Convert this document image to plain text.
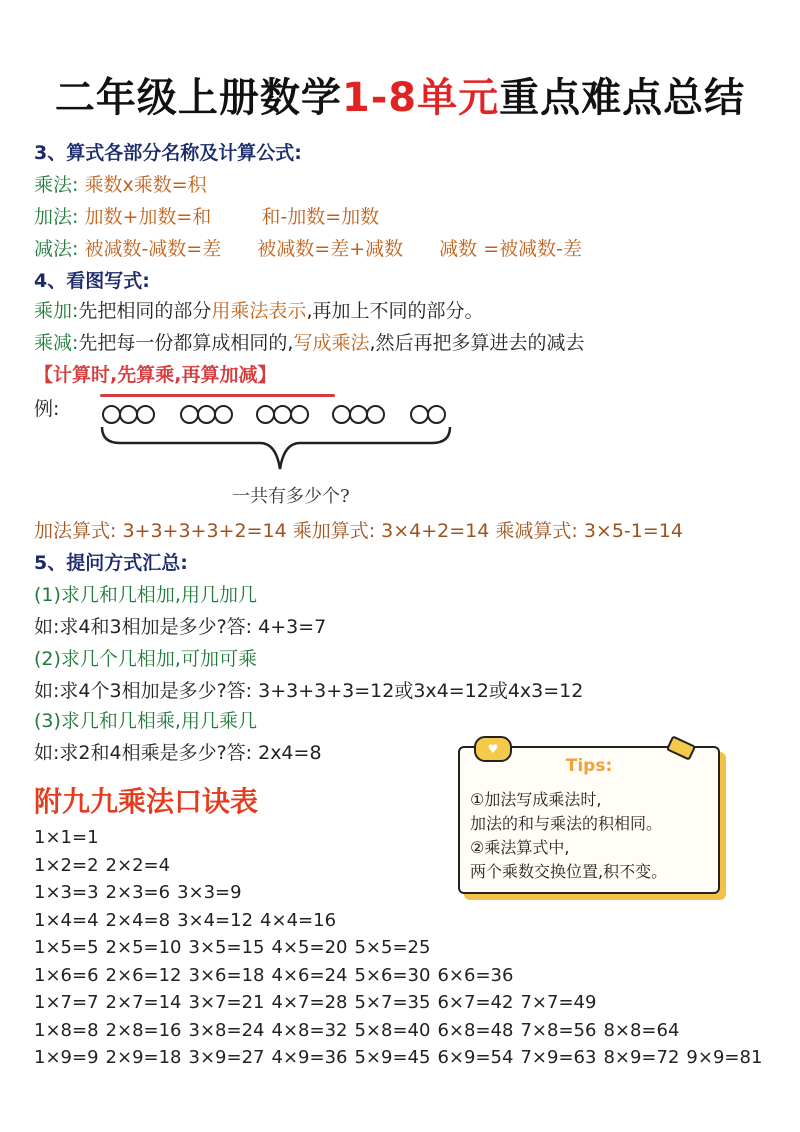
二年级上册数学1-8单元重点难点总结
3、算式各部分名称及计算公式:
乘法: 乘数x乘数=积
加法: 加数+加数=和	和-加数=加数
减法: 被减数-减数=差 被减数=差+减数 减数 =被减数-差
4、看图写式:
乘加:先把相同的部分用乘法表示,再加上不同的部分。
乘减:先把每一份都算成相同的,写成乘法,然后再把多算进去的减去
【计算时,先算乘,再算加减】
例:
一共有多少个?
加法算式: 3+3+3+3+2=14 乘加算式: 3×4+2=14 乘减算式: 3×5-1=14
5、提问方式汇总:
(1)求几和几相加,用几加几
如:求4和3相加是多少?答: 4+3=7
(2)求几个几相加,可加可乘
如:求4个3相加是多少?答: 3+3+3+3=12或3x4=12或4x3=12
(3)求几和几相乘,用几乘几
如:求2和4相乘是多少?答: 2x4=8
附九九乘法口诀表
♥
Tips:
①加法写成乘法时,
加法的和与乘法的积相同。
②乘法算式中,
两个乘数交换位置,积不变。
1×1=1
1×2=2 2×2=4
1×3=3 2×3=6 3×3=9
1×4=4 2×4=8 3×4=12 4×4=16
1×5=5 2×5=10 3×5=15 4×5=20 5×5=25
1×6=6 2×6=12 3×6=18 4×6=24 5×6=30 6×6=36
1×7=7 2×7=14 3×7=21 4×7=28 5×7=35 6×7=42 7×7=49
1×8=8 2×8=16 3×8=24 4×8=32 5×8=40 6×8=48 7×8=56 8×8=64
1×9=9 2×9=18 3×9=27 4×9=36 5×9=45 6×9=54 7×9=63 8×9=72 9×9=81
